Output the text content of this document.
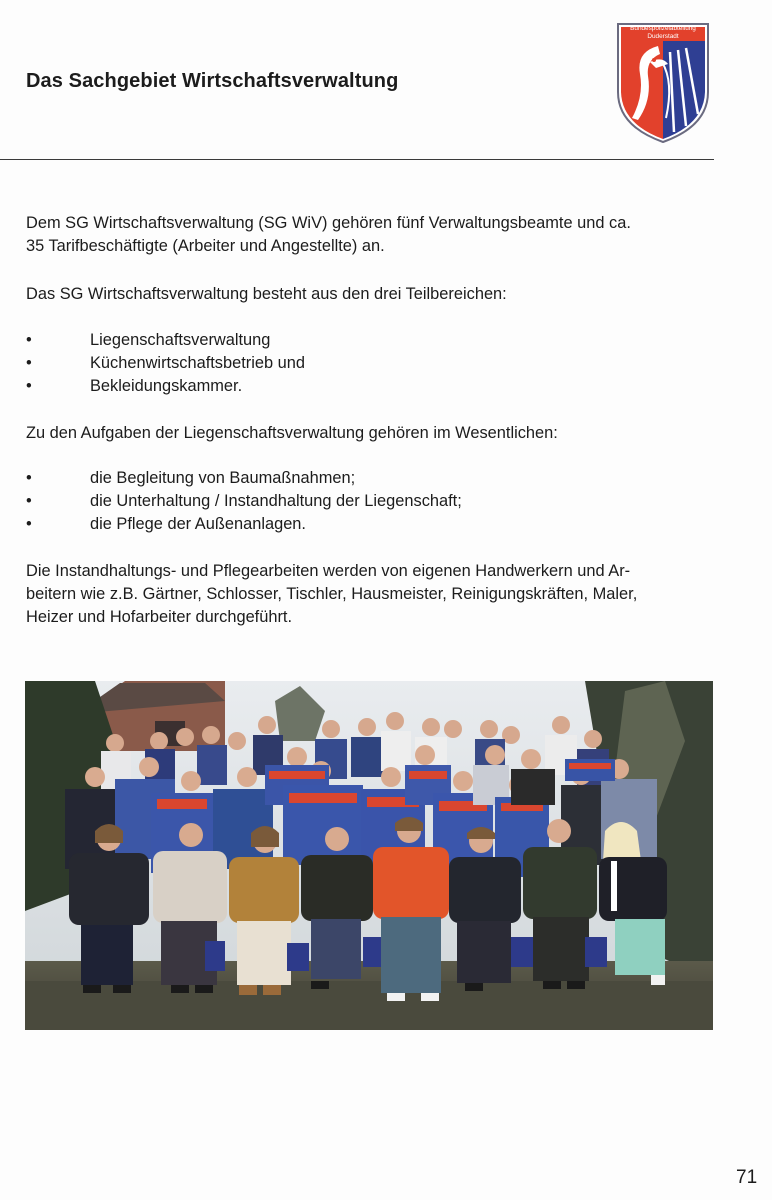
Das Sachgebiet Wirtschaftsverwaltung
Bundespolizeiabteilung
Duderstadt

Dem SG Wirtschaftsverwaltung (SG WiV) gehören fünf Verwaltungsbeamte und ca.

35 Tarifbeschäftigte (Arbeiter und Angestellte) an.

Das SG Wirtschaftsverwaltung besteht aus den drei Teilbereichen:

•	Liegenschaftsverwaltung
•	Küchenwirtschaftsbetrieb und
•	Bekleidungskammer.

Zu den Aufgaben der Liegenschaftsverwaltung gehören im Wesentlichen:

•	die Begleitung von Baumaßnahmen;
•	die Unterhaltung / Instandhaltung der Liegenschaft;
•	die Pflege der Außenanlagen.

Die Instandhaltungs- und Pflegearbeiten werden von eigenen Handwerkern und Ar-

beitern wie z.B. Gärtner, Schlosser, Tischler, Hausmeister, Reinigungskräften, Maler,

Heizer und Hofarbeiter durchgeführt.

71
